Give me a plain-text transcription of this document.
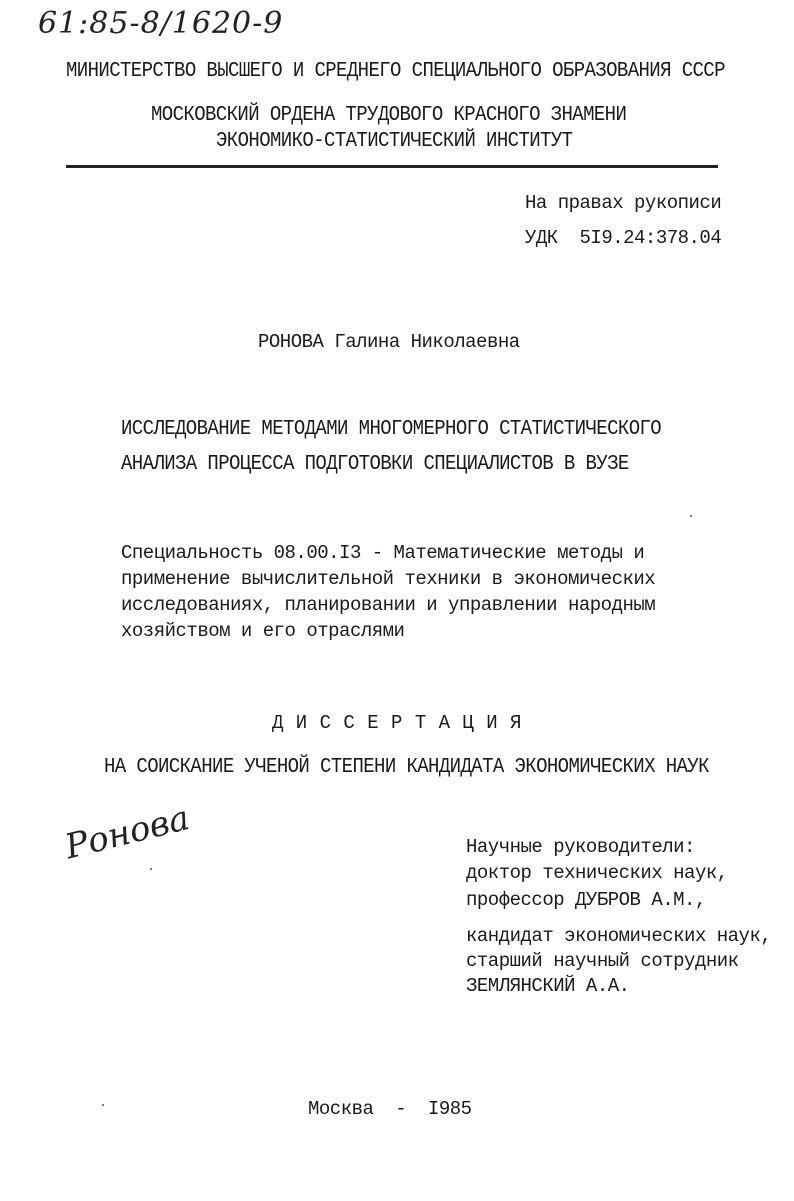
61:85-8/1620-9
МИНИСТЕРСТВО ВЫСШЕГО И СРЕДНЕГО СПЕЦИАЛЬНОГО ОБРАЗОВАНИЯ СССР
МОСКОВСКИЙ ОРДЕНА ТРУДОВОГО КРАСНОГО ЗНАМЕНИ
ЭКОНОМИКО-СТАТИСТИЧЕСКИЙ ИНСТИТУТ
На правах рукописи
УДК  5I9.24:378.04
РОНОВА Галина Николаевна
ИССЛЕДОВАНИЕ МЕТОДАМИ МНОГОМЕРНОГО СТАТИСТИЧЕСКОГО
АНАЛИЗА ПРОЦЕССА ПОДГОТОВКИ СПЕЦИАЛИСТОВ В ВУЗЕ
Специальность 08.00.I3 - Математические методы и
применение вычислительной техники в экономических
исследованиях, планировании и управлении народным
хозяйством и его отраслями
Д И С С Е Р Т А Ц И Я
НА СОИСКАНИЕ УЧЕНОЙ СТЕПЕНИ КАНДИДАТА ЭКОНОМИЧЕСКИХ НАУК
Ронова	Научные руководители:
доктор технических наук,
профессор ДУБРОВ А.М.,
кандидат экономических наук,
старший научный сотрудник
ЗЕМЛЯНСКИЙ А.А.
Москва  -  I985
